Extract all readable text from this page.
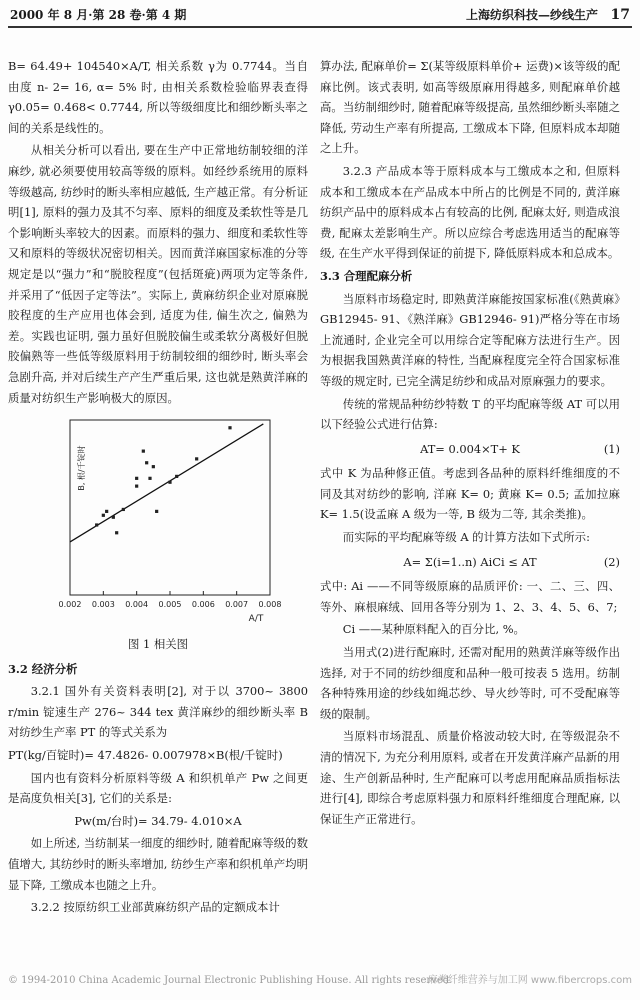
2000 年 8 月·第 28 卷·第 4 期	上海纺织科技—纱线生产 17

B= 64.49+ 104540×A/T, 相关系数 γ为 0.7744。当自由度 n- 2= 16, α= 5% 时, 由相关系数检验临界表查得 γ0.05= 0.468< 0.7744, 所以等级细度比和细纱断头率之间的关系是线性的。

从相关分析可以看出, 要在生产中正常地纺制较细的洋麻纱, 就必须要使用较高等级的原料。如经纱系统用的原料等级越高, 纺纱时的断头率相应越低, 生产越正常。有分析证明[1], 原料的强力及其不匀率、原料的细度及柔软性等是几个影响断头率较大的因素。而原料的强力、细度和柔软性等又和原料的等级状况密切相关。因而黄洋麻国家标准的分等规定是以“强力”和“脱胶程度”(包括斑疵)两项为定等条件, 并采用了“低因子定等法”。实际上, 黄麻纺织企业对原麻脱胶程度的生产应用也体会到, 适度为佳, 偏生次之, 偏熟为差。实践也证明, 强力虽好但脱胶偏生或柔软分离极好但脱胶偏熟等一些低等级原料用于纺制较细的细纱时, 断头率会急剧升高, 并对后续生产产生严重后果, 这也就是熟黄洋麻的质量对纺织生产影响极大的原因。

0.002 0.003 0.004 0.005 0.006 0.007 0.008
A/T
B, 根/千锭时

图 1 相关图

3.2 经济分析

3.2.1 国外有关资料表明[2], 对于以 3700~ 3800 r/min 锭速生产 276~ 344 tex 黄洋麻纱的细纱断头率 B 对纺纱生产率 PT 的等式关系为

PT(kg/百锭时)= 47.4826- 0.007978×B(根/千锭时)

国内也有资料分析原料等级 A 和织机单产 Pw 之间更是高度负相关[3], 它们的关系是:

Pw(m/台时)= 34.79- 4.010×A

如上所述, 当纺制某一细度的细纱时, 随着配麻等级的数值增大, 其纺纱时的断头率增加, 纺纱生产率和织机单产均明显下降, 工缴成本也随之上升。

3.2.2 按原纺织工业部黄麻纺织产品的定额成本计

算办法, 配麻单价= Σ(某等级原料单价+ 运费)×该等级的配麻比例。该式表明, 如高等级原麻用得越多, 则配麻单价越高。当纺制细纱时, 随着配麻等级提高, 虽然细纱断头率随之降低, 劳动生产率有所提高, 工缴成本下降, 但原料成本却随之上升。

3.2.3 产品成本等于原料成本与工缴成本之和, 但原料成本和工缴成本在产品成本中所占的比例是不同的, 黄洋麻纺织产品中的原料成本占有较高的比例, 配麻太好, 则造成浪费, 配麻太差影响生产。所以应综合考虑选用适当的配麻等级, 在生产水平得到保证的前提下, 降低原料成本和总成本。

3.3 合理配麻分析

当原料市场稳定时, 即熟黄洋麻能按国家标准(《熟黄麻》GB12945- 91、《熟洋麻》GB12946- 91)严格分等在市场上流通时, 企业完全可以用综合定等配麻方法进行生产。因为根据我国熟黄洋麻的特性, 当配麻程度完全符合国家标准等级的规定时, 已完全满足纺纱和成品对原麻强力的要求。

传统的常规品种纺纱特数 T 的平均配麻等级 AT 可以用以下经验公式进行估算:

AT= 0.004×T+ K	(1)

式中 K 为品种修正值。考虑到各品种的原料纤维细度的不同及其对纺纱的影响, 洋麻 K= 0; 黄麻 K= 0.5; 孟加拉麻 K= 1.5(设孟麻 A 级为一等, B 级为二等, 其余类推)。

而实际的平均配麻等级 A 的计算方法如下式所示:

A= Σ(i=1..n) AiCi ≤ AT	(2)

式中: Ai ——不同等级原麻的品质评价: 一、二、三、四、等外、麻根麻绒、回用各等分别为 1、2、3、4、5、6、7;

Ci ——某种原料配入的百分比, %。

当用式(2)进行配麻时, 还需对配用的熟黄洋麻等级作出选择, 对于不同的纺纱细度和品种一般可按表 5 选用。纺制各种特殊用途的纱线如绳芯纱、导火纱等时, 可不受配麻等级的限制。

当原料市场混乱、质量价格波动较大时, 在等级混杂不清的情况下, 为充分利用原料, 或者在开发黄洋麻产品新的用途、生产创新品种时, 生产配麻可以考虑用配麻品质指标法进行[4], 即综合考虑原料强力和原料纤维细度合理配麻, 以保证生产正常进行。

© 1994-2010 China Academic Journal Electronic Publishing House. All rights reserved.
麻类纤维营养与加工网 www.fibercrops.com
